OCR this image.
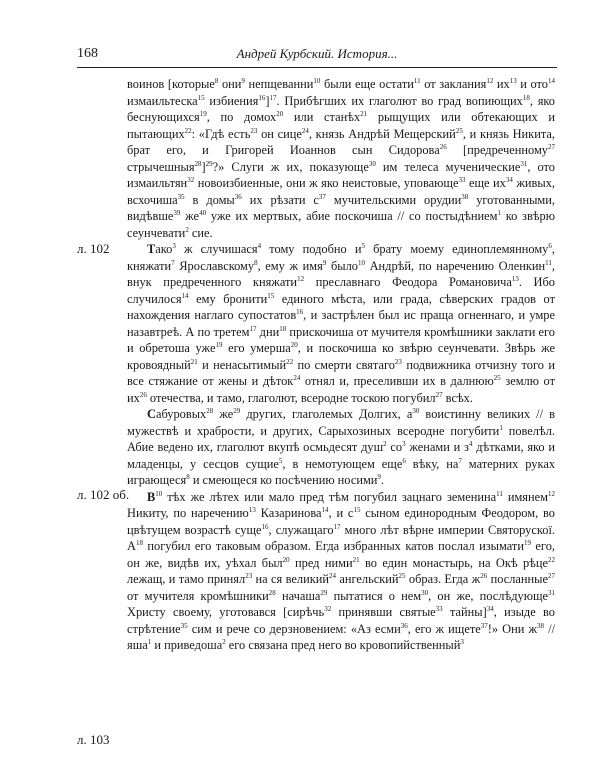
168	Андрей Курбский. История...
л. 102
л. 102 об.
л. 103

воинов [которые$^8$ они$^9$ непщеванни$^{10}$ были еще остати$^{11}$ от заклания$^{12}$ $их^{13}$ и ото$^{14}$ измаильтеска$^{15}$ избиения$^{16}$]$^{17}$. Прибѣгших их глаголют во град вопиющих$^{18}$, яко беснующихся$^{19}$, по домох$^{20}$ или станѣх$^{21}$ рыщущих или обтекающих и пытающих$^{22}$: «Гдѣ есть$^{23}$ он сице$^{24}$, князь Андрѣй Мещерский$^{25}$, и князь Никита, брат его, и Григорей Иоаннов сын Сидорова$^{26}$ [предреченному$^{27}$ стрычешныя$^{28}$]$^{29}$?» Слуги ж их, показующе$^{30}$ им телеса мученические$^{31}$, ото измаильтян$^{32}$ новоизбиенные, они ж яко неистовые, уповающе$^{33}$ еще $их^{34}$ живых, всхочиша$^{35}$ в домы$^{36}$ их рѣзати $с^{37}$ мучительскими орудии$^{38}$ уготованными, видѣвше$^{39}$ $же^{40}$ уже их мертвых, абие поскочиша // со постыдѣнием$^1$ ко звѣрю сеунчевати$^2$ сие.

Тако$^3$ ж случишася$^4$ тому подобно $и^5$ брату моему единоплемянному$^6$, княжати$^7$ Ярославскому$^8$, ему ж имя$^9$ было$^{10}$ Андрѣй, по наречению Оленкин$^{11}$, внук предреченного княжати$^{12}$ преславнаго Феодора Романовича$^{13}$. Ибо случилося$^{14}$ ему бронити$^{15}$ единого мѣста, или града, сѣверских градов от нахождения наглаго супостатов$^{16}$, и застрѣлен был ис праща огненнаго, и умре назавтреѣ. А по третем$^{17}$ дни$^{18}$ прискочиша от мучителя кромѣшники заклати его и обретоша уже$^{19}$ его умерша$^{20}$, и поскочиша ко звѣрю сеунчевати. Звѣрь же кровоядный$^{21}$ и ненасытимый$^{22}$ по смерти святаго$^{23}$ подвижника отчизну того и все стяжание от жены и дѣток$^{24}$ отнял и, преселивши их в далнюю$^{25}$ землю от $их^{26}$ отечества, и тамо, глаголют, всеродне тоскою погубил$^{27}$ всѣх.

Сабуровых$^{28}$ $же^{29}$ других, глаголемых Долгих, $а^{30}$ воистинну великих // в мужествѣ и храбрости, и других, Сарыхозиных всеродне погубити$^1$ повелѣл. Абие ведено их, глаголют вкупѣ осмьдесят душ$^2$ $со^3$ женами и $з^4$ дѣтками, яко и младенцы, у сесцов сущие$^5$, в немотующем еще$^6$ вѣку, $на^7$ матерних руках играющеся$^8$ и смеющеся ко посѣчению носими$^9$.

$В^{10}$ тѣх же лѣтех или мало пред тѣм погубил зацнаго земенина$^{11}$ имянем$^{12}$ Никиту, по наречению$^{13}$ Казаринова$^{14}$, и $с^{15}$ сыном единородным Феодором, во цвѣтущем возрастѣ суще$^{16}$, служащаго$^{17}$ много лѣт вѣрне империи Святорускої. $А^{18}$ погубил его таковым образом. Егда избранных катов послал изымати$^{19}$ его, он же, видѣв их, уѣхал был$^{20}$ пред ними$^{21}$ во един монастырь, на Окѣ рѣце$^{22}$ лежащ, и тамо принял$^{23}$ на ся великий$^{24}$ ангельский$^{25}$ образ. Егда $ж^{26}$ посланные$^{27}$ от мучителя кромѣшники$^{28}$ начаша$^{29}$ пытатися о нем$^{30}$, он же, послѣдующе$^{31}$ Христу своему, уготовався [сирѣчь$^{32}$ принявши святые$^{33}$ тайны]$^{34}$, изыде во стрѣтение$^{35}$ сим и рече со дерзновением: «Аз есми$^{36}$, его ж ищете$^{37}$!» Они $ж^{38} // яша^1$ и приведоша$^2$ его связана пред него во кровопийственный$^3$
